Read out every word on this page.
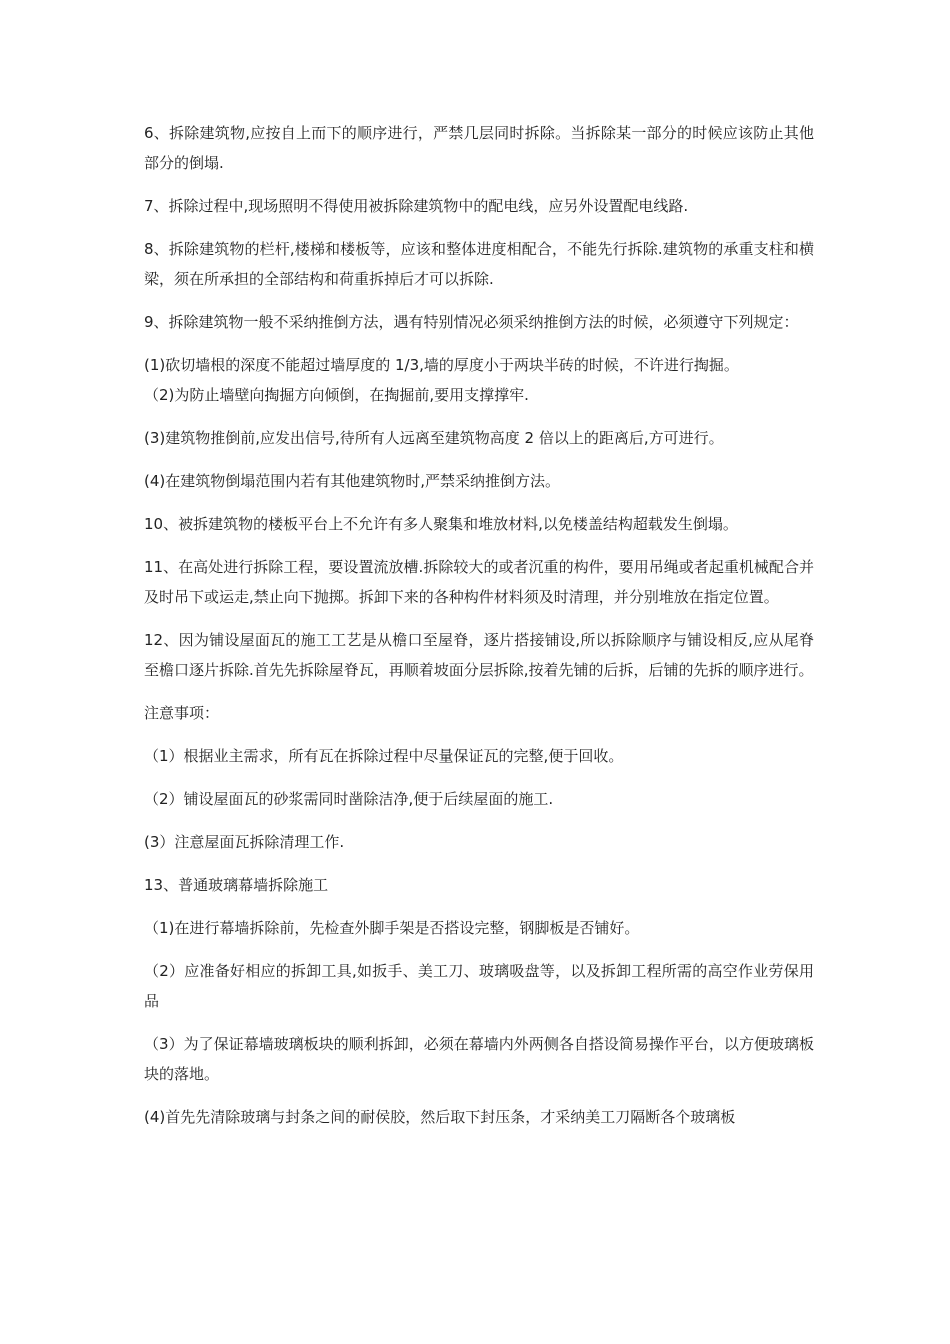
6、拆除建筑物,应按自上而下的顺序进行，严禁几层同时拆除。当拆除某一部分的时候应该防止其他部分的倒塌.

7、拆除过程中,现场照明不得使用被拆除建筑物中的配电线，应另外设置配电线路.

8、拆除建筑物的栏杆,楼梯和楼板等，应该和整体进度相配合，不能先行拆除.建筑物的承重支柱和横梁，须在所承担的全部结构和荷重拆掉后才可以拆除.

9、拆除建筑物一般不采纳推倒方法，遇有特别情况必须采纳推倒方法的时候，必须遵守下列规定：

(1)砍切墙根的深度不能超过墙厚度的 1/3,墙的厚度小于两块半砖的时候，不许进行掏掘。

（2)为防止墙壁向掏掘方向倾倒，在掏掘前,要用支撑撑牢.

(3)建筑物推倒前,应发出信号,待所有人远离至建筑物高度 2 倍以上的距离后,方可进行。

(4)在建筑物倒塌范围内若有其他建筑物时,严禁采纳推倒方法。

10、被拆建筑物的楼板平台上不允许有多人聚集和堆放材料,以免楼盖结构超载发生倒塌。

11、在高处进行拆除工程，要设置流放槽.拆除较大的或者沉重的构件，要用吊绳或者起重机械配合并及时吊下或运走,禁止向下抛掷。拆卸下来的各种构件材料须及时清理，并分别堆放在指定位置。

12、因为铺设屋面瓦的施工工艺是从檐口至屋脊，逐片搭接铺设,所以拆除顺序与铺设相反,应从尾脊至檐口逐片拆除.首先先拆除屋脊瓦，再顺着坡面分层拆除,按着先铺的后拆，后铺的先拆的顺序进行。

注意事项：

（1）根据业主需求，所有瓦在拆除过程中尽量保证瓦的完整,便于回收。

（2）铺设屋面瓦的砂浆需同时凿除洁净,便于后续屋面的施工.

(3）注意屋面瓦拆除清理工作.

13、普通玻璃幕墙拆除施工

（1)在进行幕墙拆除前，先检查外脚手架是否搭设完整，钢脚板是否铺好。

（2）应准备好相应的拆卸工具,如扳手、美工刀、玻璃吸盘等，以及拆卸工程所需的高空作业劳保用品

（3）为了保证幕墙玻璃板块的顺利拆卸，必须在幕墙内外两侧各自搭设简易操作平台，以方便玻璃板块的落地。

(4)首先先清除玻璃与封条之间的耐侯胶，然后取下封压条，才采纳美工刀隔断各个玻璃板
